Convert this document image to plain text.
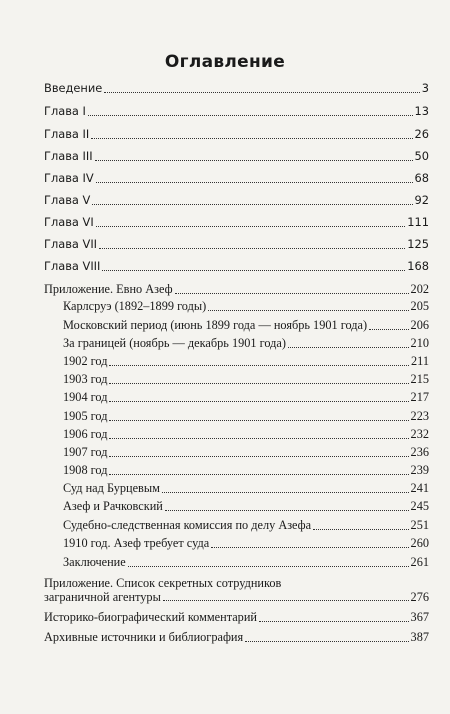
Оглавление
Введение	3
Глава I	13
Глава II	26
Глава III	50
Глава IV	68
Глава V	92
Глава VI	111
Глава VII	125
Глава VIII	168
Приложение. Евно Азеф	202
Карлсруэ (1892–1899 годы)	205
Московский период (июнь 1899 года — ноябрь 1901 года)	206
За границей (ноябрь — декабрь 1901 года)	210
1902 год	211
1903 год	215
1904 год	217
1905 год	223
1906 год	232
1907 год	236
1908 год	239
Суд над Бурцевым	241
Азеф и Рачковский	245
Судебно-следственная комиссия по делу Азефа	251
1910 год. Азеф требует суда	260
Заключение	261
Приложение. Список секретных сотрудников
заграничной агентуры	276
Историко-биографический комментарий	367
Архивные источники и библиография	387
